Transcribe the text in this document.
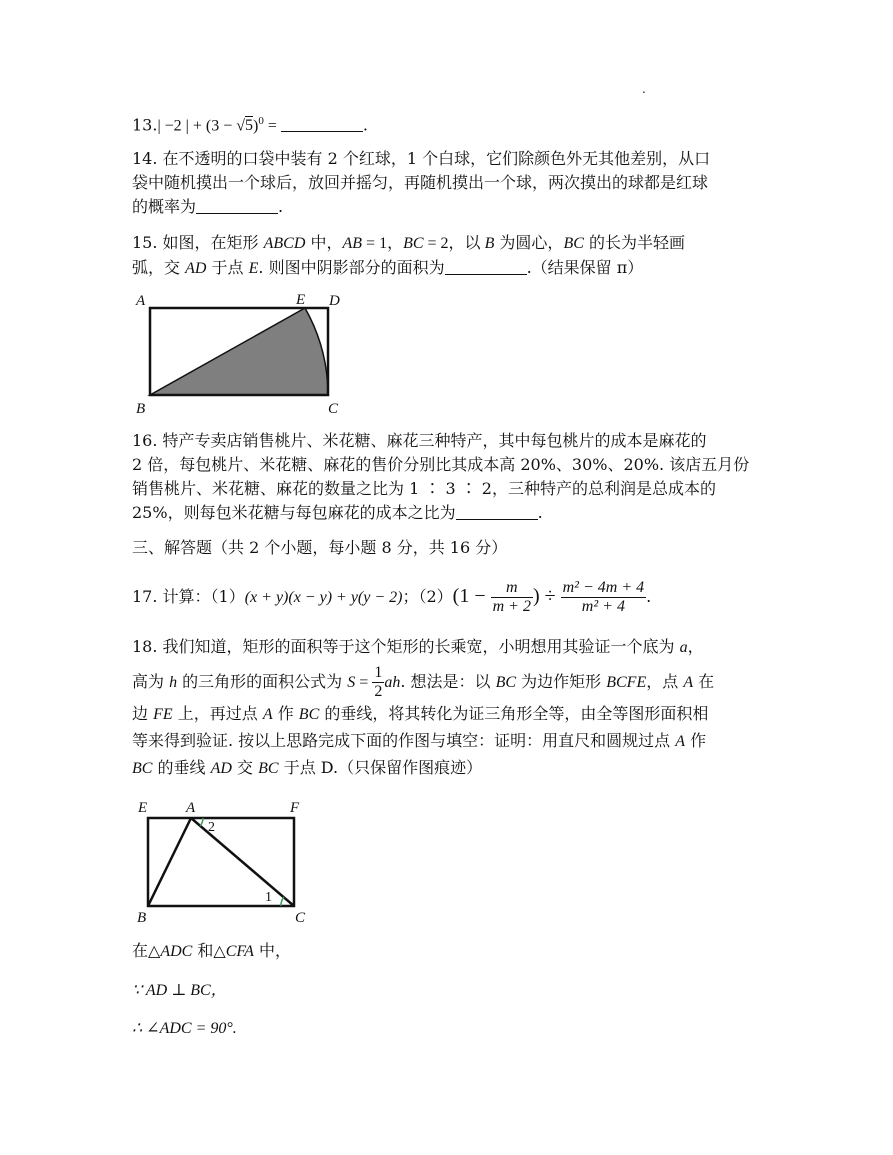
.
13.| −2 | + $(3 - √5)^0$ =	.
14. 在不透明的口袋中装有 2 个红球，1 个白球，它们除颜色外无其他差别，从口
袋中随机摸出一个球后，放回并摇匀，再随机摸出一个球，两次摸出的球都是红球
的概率为	.
15. 如图，在矩形 ABCD 中，AB = 1，BC = 2，以 B 为圆心，BC 的长为半轻画
弧，交 AD 于点 E. 则图中阴影部分的面积为	.（结果保留 π）
A	E D
B	C
16. 特产专卖店销售桃片、米花糖、麻花三种特产，其中每包桃片的成本是麻花的
2 倍，每包桃片、米花糖、麻花的售价分别比其成本高 20%、30%、20%. 该店五月份
销售桃片、米花糖、麻花的数量之比为 1 ∶ 3 ∶ 2，三种特产的总利润是总成本的
25%，则每包米花糖与每包麻花的成本之比为	.
三、解答题（共 2 个小题，每小题 8 分，共 16 分）
17. 计算：（1）(x + y)(x − y) + y(y − 2)；$(2)(1 - \frac{m}{m + 2}$ ) ÷ $\frac{\text{m² − 4m + 4}}{\text{m² + 4}}$ .
18. 我们知道，矩形的面积等于这个矩形的长乘宽，小明想用其验证一个底为 a，
高为 h 的三角形的面积公式为 $S = \frac{1}{2}$ ah. 想法是：以 BC 为边作矩形 BCFE，点 A 在
边 FE 上，再过点 A 作 BC 的垂线，将其转化为证三角形全等，由全等图形面积相
等来得到验证. 按以上思路完成下面的作图与填空：证明：用直尺和圆规过点 A 作
BC 的垂线 AD 交 BC 于点 D.（只保留作图痕迹）
E	A	F
B	C
1
2
在△ADC 和△CFA 中，
∵ AD ⊥ BC，
∴ ∠ADC = 90°.
